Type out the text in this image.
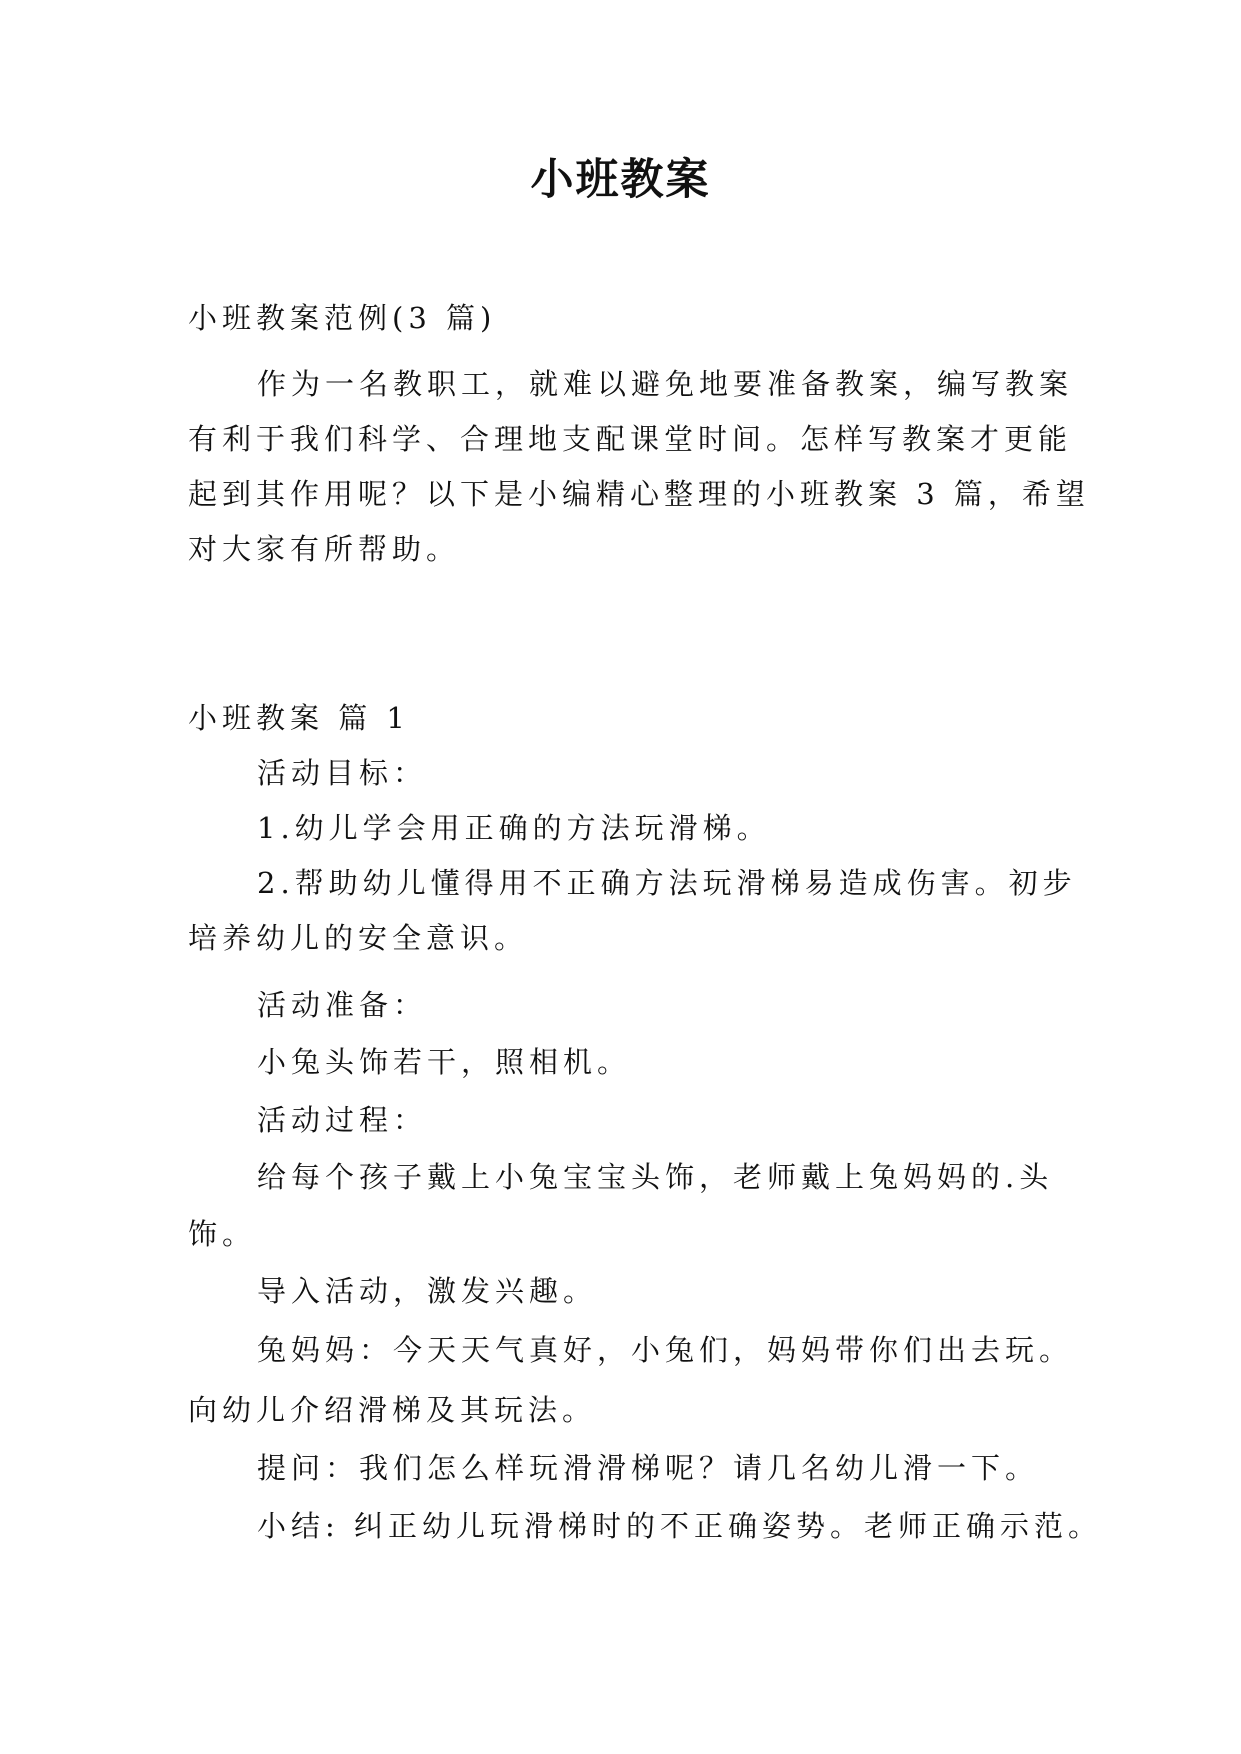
小班教案
小班教案范例(3 篇)
作为一名教职工，就难以避免地要准备教案，编写教案
有利于我们科学、合理地支配课堂时间。怎样写教案才更能
起到其作用呢？以下是小编精心整理的小班教案 3 篇，希望
对大家有所帮助。
小班教案 篇 1
活动目标：
1.幼儿学会用正确的方法玩滑梯。
2.帮助幼儿懂得用不正确方法玩滑梯易造成伤害。初步
培养幼儿的安全意识。
活动准备：
小兔头饰若干，照相机。
活动过程：
给每个孩子戴上小兔宝宝头饰，老师戴上兔妈妈的.头
饰。
导入活动，激发兴趣。
兔妈妈：今天天气真好，小兔们，妈妈带你们出去玩。
向幼儿介绍滑梯及其玩法。
提问：我们怎么样玩滑滑梯呢？请几名幼儿滑一下。
小结: 纠正幼儿玩滑梯时的不正确姿势。老师正确示范。
